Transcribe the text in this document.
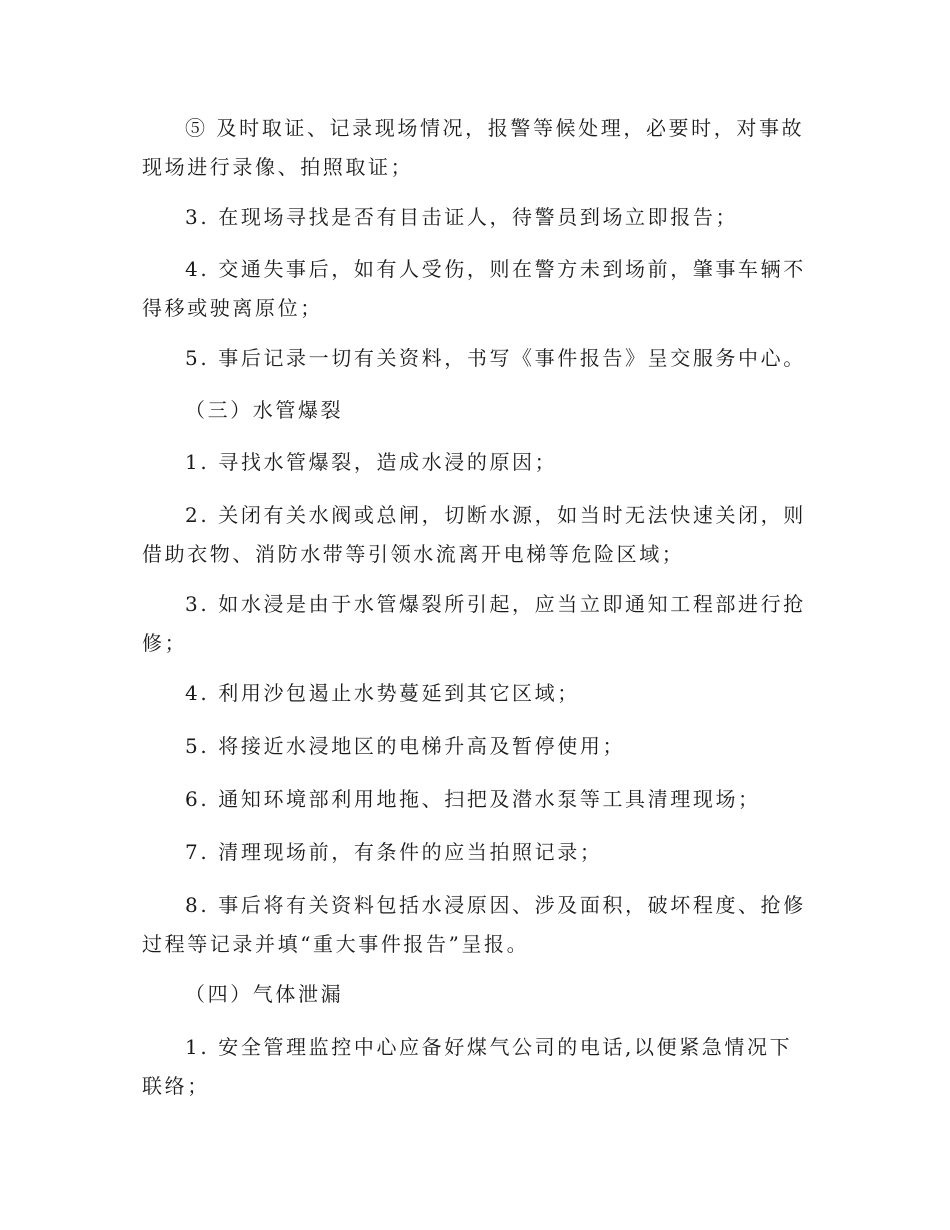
⑤ 及时取证、记录现场情况，报警等候处理，必要时，对事故现场进行录像、拍照取证；
3. 在现场寻找是否有目击证人，待警员到场立即报告；
4. 交通失事后，如有人受伤，则在警方未到场前，肇事车辆不得移或驶离原位；
5. 事后记录一切有关资料，书写《事件报告》呈交服务中心。
（三）水管爆裂
1. 寻找水管爆裂，造成水浸的原因；
2. 关闭有关水阀或总闸，切断水源，如当时无法快速关闭，则借助衣物、消防水带等引领水流离开电梯等危险区域；
3. 如水浸是由于水管爆裂所引起，应当立即通知工程部进行抢修；
4. 利用沙包遏止水势蔓延到其它区域；
5. 将接近水浸地区的电梯升高及暂停使用；
6. 通知环境部利用地拖、扫把及潜水泵等工具清理现场；
7. 清理现场前，有条件的应当拍照记录；
8. 事后将有关资料包括水浸原因、涉及面积，破坏程度、抢修过程等记录并填“重大事件报告”呈报。
（四）气体泄漏
1. 安全管理监控中心应备好煤气公司的电话,以便紧急情况下联络；
